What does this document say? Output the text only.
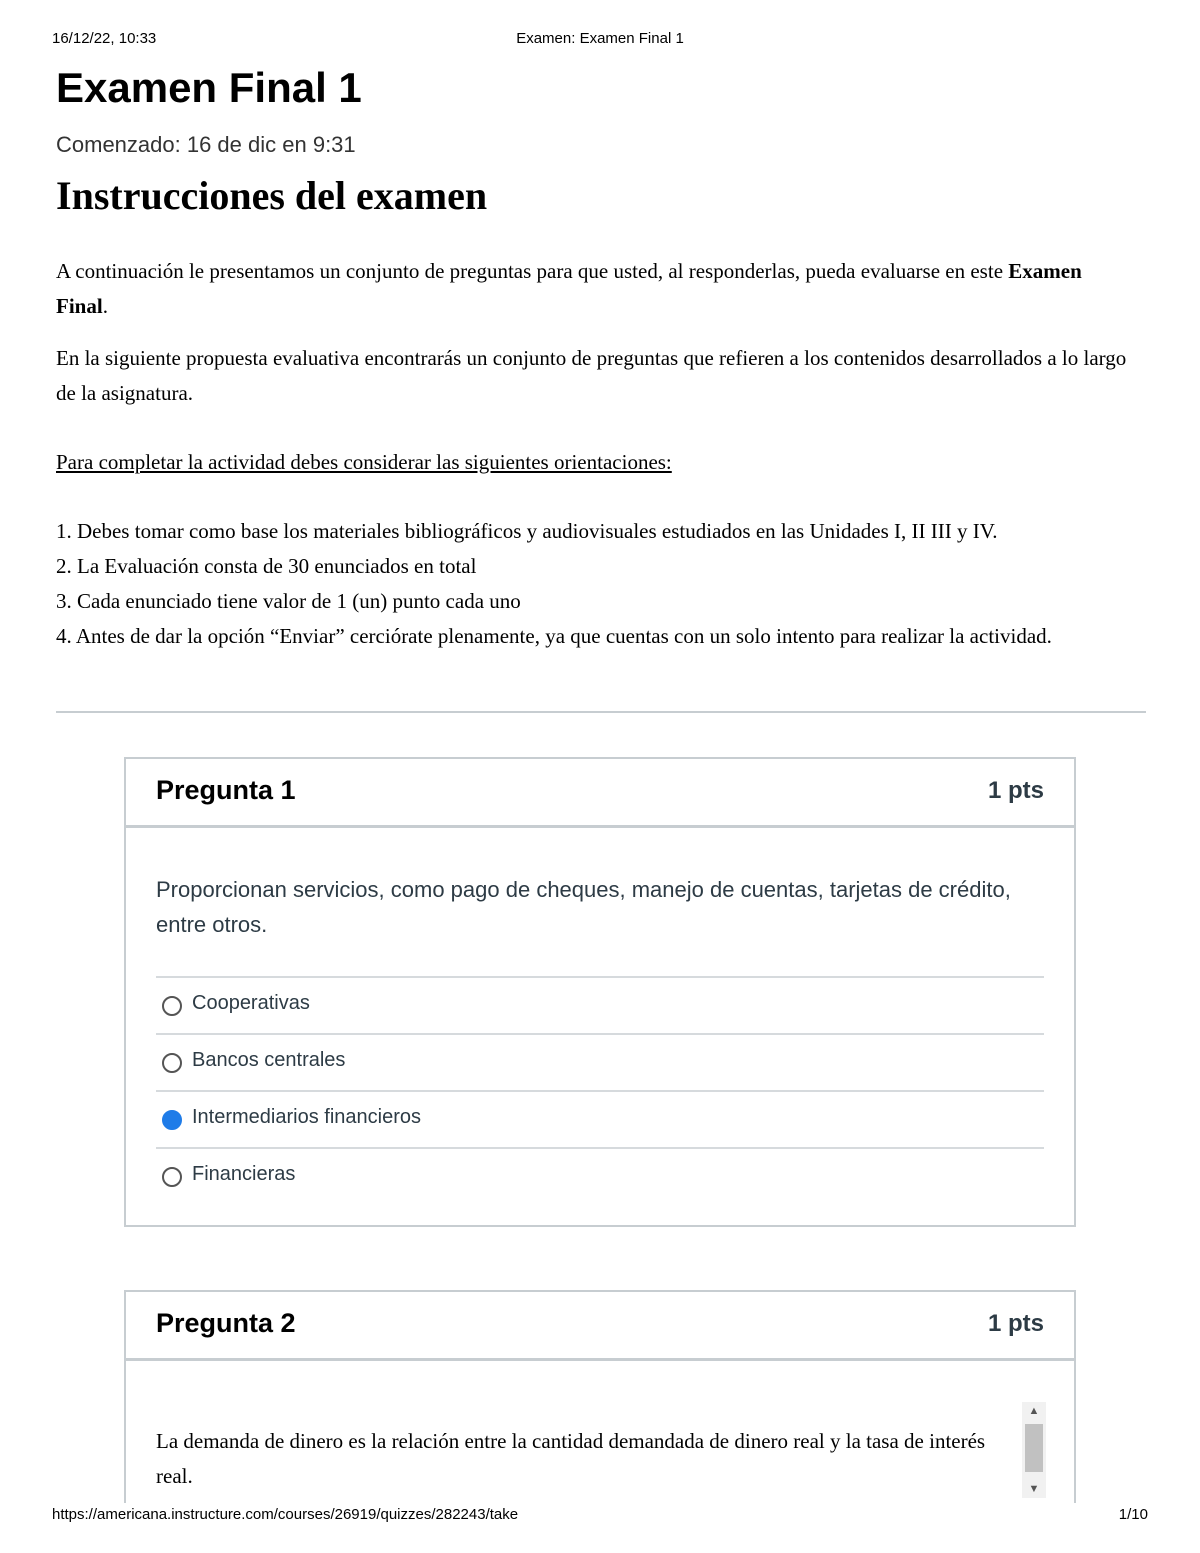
16/12/22, 10:33	Examen: Examen Final 1
Examen Final 1
Comenzado: 16 de dic en 9:31
Instrucciones del examen

A continuación le presentamos un conjunto de preguntas para que usted, al responderlas, pueda evaluarse en este Examen Final.

En la siguiente propuesta evaluativa encontrarás un conjunto de preguntas que refieren a los contenidos desarrollados a lo largo de la asignatura.

Para completar la actividad debes considerar las siguientes orientaciones:

1. Debes tomar como base los materiales bibliográficos y audiovisuales estudiados en las Unidades I, II III y IV.

2. La Evaluación consta de 30 enunciados en total

3. Cada enunciado tiene valor de 1 (un) punto cada uno

4. Antes de dar la opción “Enviar” cerciórate plenamente, ya que cuentas con un solo intento para realizar la actividad.

Pregunta 1	1 pts
Proporcionan servicios, como pago de cheques, manejo de cuentas, tarjetas de crédito, entre otros.
Cooperativas
Bancos centrales
Intermediarios financieros
Financieras
Pregunta 2	1 pts
La demanda de dinero es la relación entre la cantidad demandada de dinero real y la tasa de interés real.
▲
▼
https://americana.instructure.com/courses/26919/quizzes/282243/take	1/10
